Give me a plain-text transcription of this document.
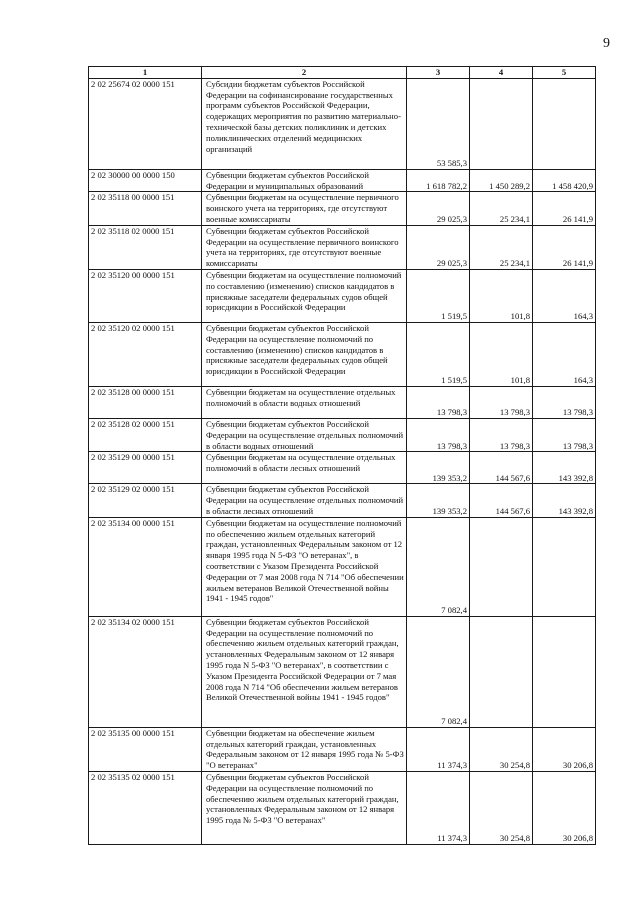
9
1	2	3	4	5
2 02 25674 02 0000 151	Субсидии бюджетам субъектов Российской Федерации на софинансирование государственных программ субъектов Российской Федерации, содержащих мероприятия по развитию материально-технической базы детских поликлиник и детских поликлинических отделений медицинских организаций	53 585,3		
2 02 30000 00 0000 150	Субвенции бюджетам субъектов Российской Федерации и муниципальных образований	1 618 782,2	1 450 289,2	1 458 420,9
2 02 35118 00 0000 151	Субвенции бюджетам на осуществление первичного воинского учета на территориях, где отсутствуют военные комиссариаты	29 025,3	25 234,1	26 141,9
2 02 35118 02 0000 151	Субвенции бюджетам субъектов Российской Федерации на осуществление первичного воинского учета на территориях, где отсутствуют военные комиссариаты	29 025,3	25 234,1	26 141,9
2 02 35120 00 0000 151	Субвенции бюджетам на осуществление полномочий по составлению (изменению) списков кандидатов в присяжные заседатели федеральных судов общей юрисдикции в Российской Федерации	1 519,5	101,8	164,3
2 02 35120 02 0000 151	Субвенции бюджетам субъектов Российской Федерации на осуществление полномочий по составлению (изменению) списков кандидатов в присяжные заседатели федеральных судов общей юрисдикции в Российской Федерации	1 519,5	101,8	164,3
2 02 35128 00 0000 151	Субвенции бюджетам на осуществление отдельных полномочий в области водных отношений	13 798,3	13 798,3	13 798,3
2 02 35128 02 0000 151	Субвенции бюджетам субъектов Российской Федерации на осуществление отдельных полномочий в области водных отношений	13 798,3	13 798,3	13 798,3
2 02 35129 00 0000 151	Субвенции бюджетам на осуществление отдельных полномочий в области лесных отношений	139 353,2	144 567,6	143 392,8
2 02 35129 02 0000 151	Субвенции бюджетам субъектов Российской Федерации на осуществление отдельных полномочий в области лесных отношений	139 353,2	144 567,6	143 392,8
2 02 35134 00 0000 151	Субвенции бюджетам на осуществление полномочий по обеспечению жильем отдельных категорий граждан, установленных Федеральным законом от 12 января 1995 года N 5-ФЗ "О ветеранах", в соответствии с Указом Президента Российской Федерации от 7 мая 2008 года N 714 "Об обеспечении жильем ветеранов Великой Отечественной войны 1941 - 1945 годов"	7 082,4		
2 02 35134 02 0000 151	Субвенции бюджетам субъектов Российской Федерации на осуществление полномочий по обеспечению жильем отдельных категорий граждан, установленных Федеральным законом от 12 января 1995 года N 5-ФЗ "О ветеранах", в соответствии с Указом Президента Российской Федерации от 7 мая 2008 года N 714 "Об обеспечении жильем ветеранов Великой Отечественной войны 1941 - 1945 годов"	7 082,4		
2 02 35135 00 0000 151	Субвенции бюджетам на обеспечение жильем отдельных категорий граждан, установленных Федеральным законом от 12 января 1995 года № 5-ФЗ "О ветеранах"	11 374,3	30 254,8	30 206,8
2 02 35135 02 0000 151	Субвенции бюджетам субъектов Российской Федерации на осуществление полномочий по обеспечению жильем отдельных категорий граждан, установленных Федеральным законом от 12 января 1995 года № 5-ФЗ "О ветеранах"	11 374,3	30 254,8	30 206,8
